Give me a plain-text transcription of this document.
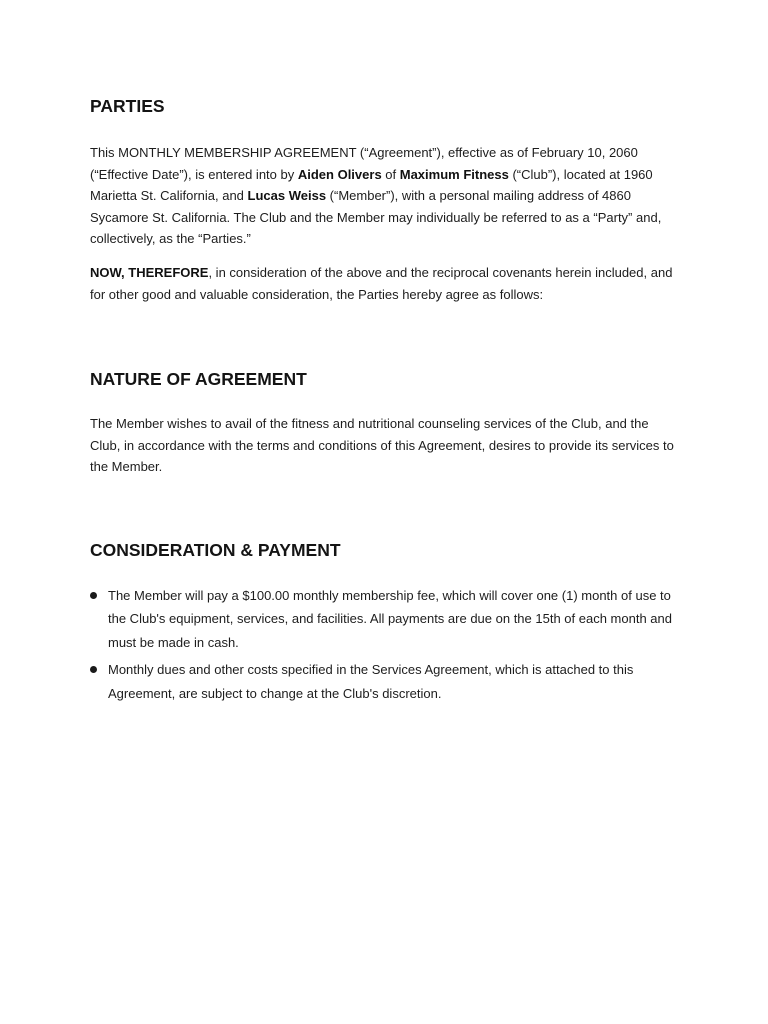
PARTIES

This MONTHLY MEMBERSHIP AGREEMENT (“Agreement”), effective as of February 10, 2060 (“Effective Date”), is entered into by Aiden Olivers of Maximum Fitness (“Club”), located at 1960 Marietta St. California, and Lucas Weiss (“Member”), with a personal mailing address of 4860 Sycamore St. California. The Club and the Member may individually be referred to as a “Party” and, collectively, as the “Parties.”

NOW, THEREFORE, in consideration of the above and the reciprocal covenants herein included, and for other good and valuable consideration, the Parties hereby agree as follows:

NATURE OF AGREEMENT

The Member wishes to avail of the fitness and nutritional counseling services of the Club, and the Club, in accordance with the terms and conditions of this Agreement, desires to provide its services to the Member.

CONSIDERATION & PAYMENT
The Member will pay a $100.00 monthly membership fee, which will cover one (1) month of use to the Club's equipment, services, and facilities. All payments are due on the 15th of each month and must be made in cash.
Monthly dues and other costs specified in the Services Agreement, which is attached to this Agreement, are subject to change at the Club's discretion.
